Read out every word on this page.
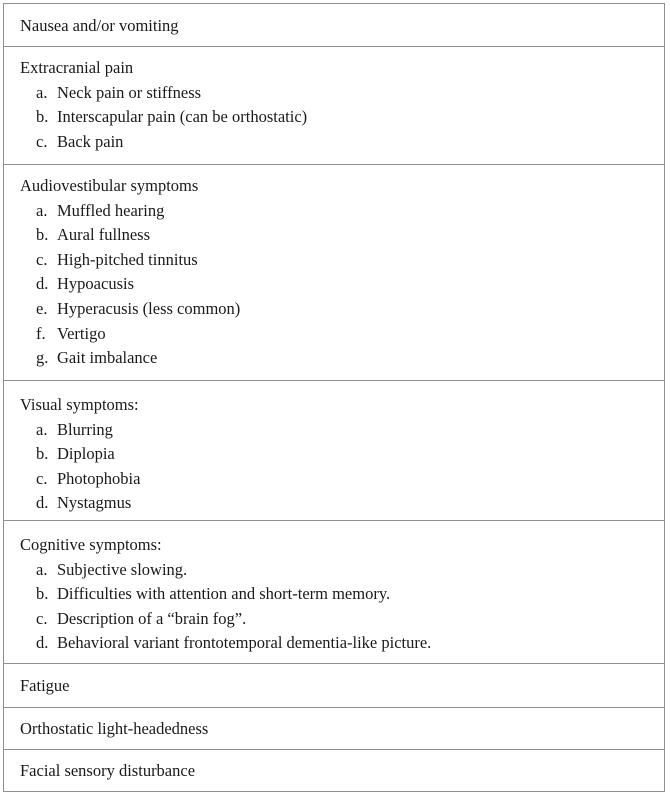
Nausea and/or vomiting
Extracranial pain
a. Neck pain or stiffness
b. Interscapular pain (can be orthostatic)
c. Back pain
Audiovestibular symptoms
a. Muffled hearing
b. Aural fullness
c. High-pitched tinnitus
d. Hypoacusis
e. Hyperacusis (less common)
f. Vertigo
g. Gait imbalance
Visual symptoms:
a. Blurring
b. Diplopia
c. Photophobia
d. Nystagmus
Cognitive symptoms:
a. Subjective slowing.
b. Difficulties with attention and short-term memory.
c. Description of a “brain fog”.
d. Behavioral variant frontotemporal dementia-like picture.
Fatigue
Orthostatic light-headedness
Facial sensory disturbance
